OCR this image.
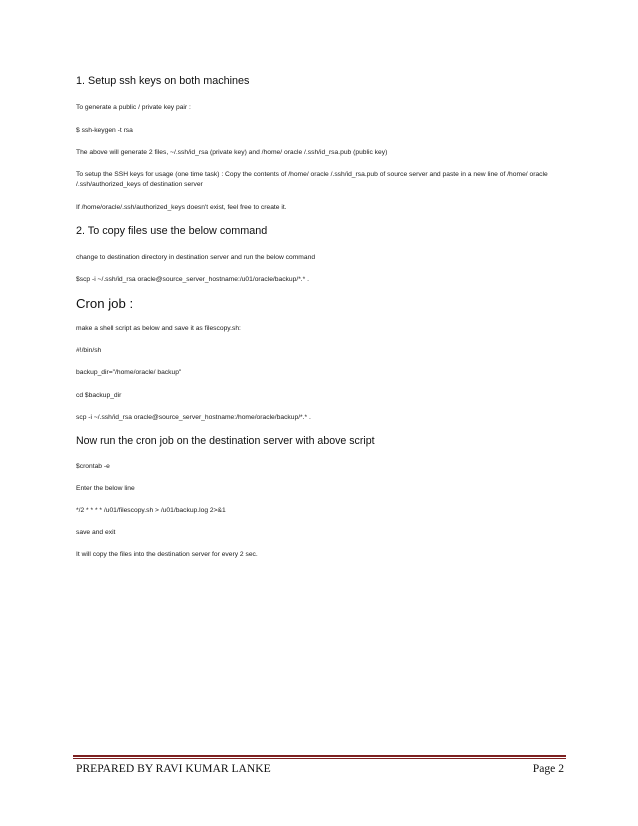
1. Setup ssh keys on both machines
To generate a public / private key pair :
$ ssh-keygen -t rsa
The above will generate 2 files, ~/.ssh/id_rsa (private key) and /home/ oracle /.ssh/id_rsa.pub (public key)
To setup the SSH keys for usage (one time task) : Copy the contents of /home/ oracle /.ssh/id_rsa.pub of source server and paste in a new line of /home/ oracle /.ssh/authorized_keys of destination server
If /home/oracle/.ssh/authorized_keys doesn't exist, feel free to create it.
2. To copy files use the below command
change to destination directory in destination server and run the below command
$scp -i ~/.ssh/id_rsa oracle@source_server_hostname:/u01/oracle/backup/*.* .
Cron job :
make a shell script as below and save it as filescopy.sh:
#!/bin/sh
backup_dir="/home/oracle/ backup"
cd $backup_dir
scp -i ~/.ssh/id_rsa oracle@source_server_hostname:/home/oracle/backup/*.* .
Now run the cron job on the destination server with above script
$crontab -e
Enter the below line
*/2 * * * * /u01/filescopy.sh > /u01/backup.log 2>&1
save and exit
It will copy the files into the destination server for every 2 sec.
PREPARED BY RAVI KUMAR LANKE	Page 2
